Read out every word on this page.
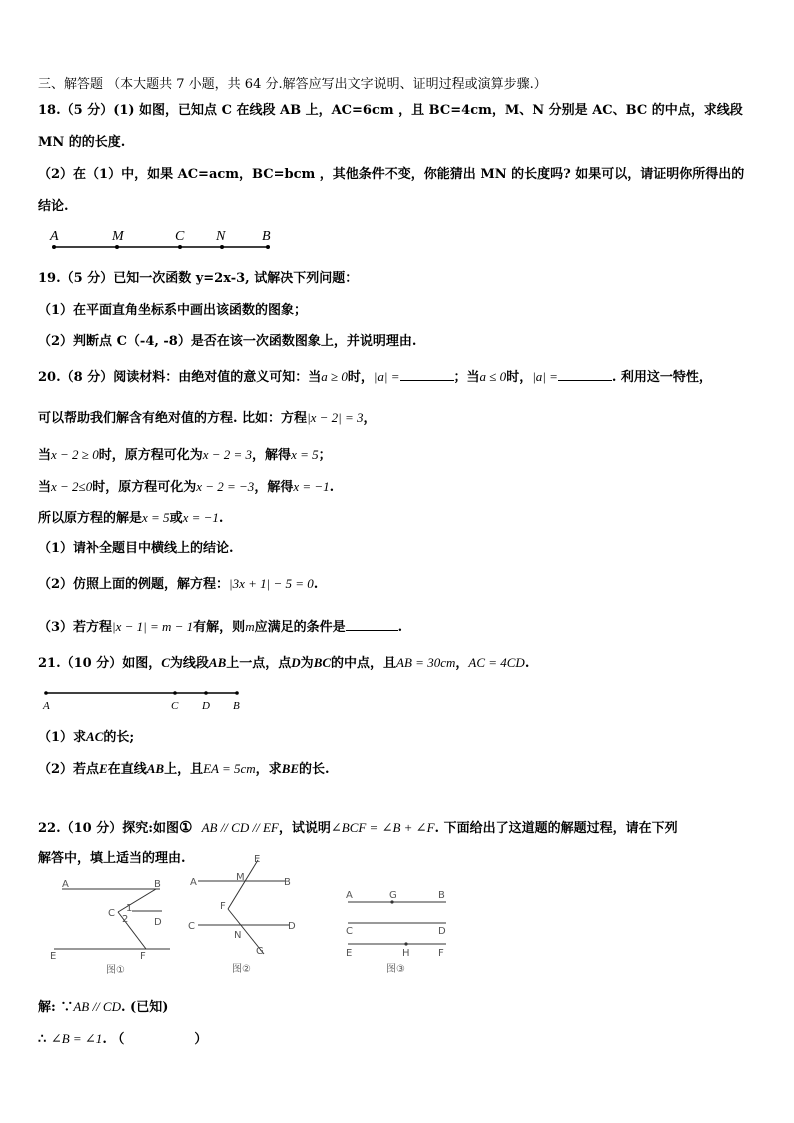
三、解答题 （本大题共 7 小题，共 64 分.解答应写出文字说明、证明过程或演算步骤.）
18.（5 分）(1) 如图，已知点 C 在线段 AB 上，AC=6cm ，且 BC=4cm，M、N 分别是 AC、BC 的中点，求线段
MN 的的长度.
（2）在（1）中，如果 AC=acm，BC=bcm ，其他条件不变，你能猜出 MN 的长度吗? 如果可以，请证明你所得出的
结论.
A	M	C N	B
19.（5 分）已知一次函数 y=2x-3, 试解决下列问题：
（1）在平面直角坐标系中画出该函数的图象；
（2）判断点 C（-4, -8）是否在该一次函数图象上，并说明理由.
20.（8 分）阅读材料：由绝对值的意义可知：当a ≥ 0时，|a| =	；当a ≤ 0时，|a| =	. 利用这一特性，
可以帮助我们解含有绝对值的方程. 比如：方程|x − 2| = 3，
当x − 2 ≥ 0时，原方程可化为x − 2 = 3，解得x = 5；
当x − 2≤0时，原方程可化为x − 2 = −3，解得x = −1.
所以原方程的解是x = 5或x = −1.
（1）请补全题目中横线上的结论.
（2）仿照上面的例题，解方程：|3x + 1| − 5 = 0.
（3）若方程|x − 1| = m − 1有解，则m应满足的条件是	.
21.（10 分）如图，C为线段AB上一点，点D为BC的中点，且AB = 30cm，AC = 4CD.
A	C D B
（1）求AC的长;
（2）若点E在直线AB上，且EA = 5cm，求BE的长.
22.（10 分）探究:如图① AB // CD // EF，试说明∠BCF = ∠B + ∠F. 下面给出了这道题的解题过程，请在下列
解答中，填上适当的理由.
A	B
C 1
2	D
E	F
图①
E
A	M	B
F
C
N
D
G
图②
A	G	B
C	D
E	H	F
图③
解: ∵AB // CD. (已知)
∴ ∠B = ∠1. （	）
